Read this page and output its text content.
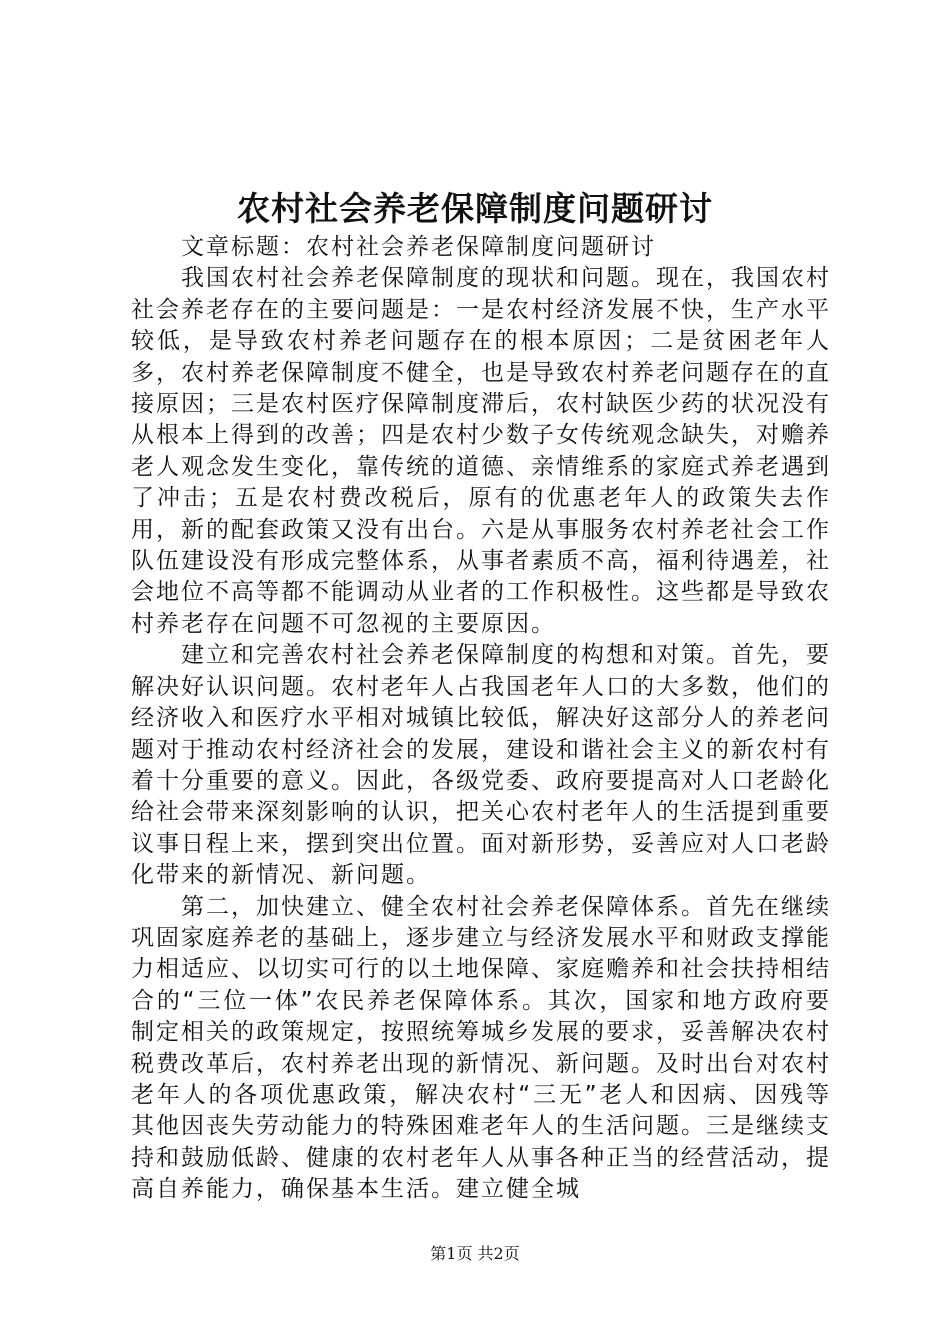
农村社会养老保障制度问题研讨

文章标题：农村社会养老保障制度问题研讨

我国农村社会养老保障制度的现状和问题。现在，我国农村社会养老存在的主要问题是：一是农村经济发展不快，生产水平较低，是导致农村养老问题存在的根本原因；二是贫困老年人多，农村养老保障制度不健全，也是导致农村养老问题存在的直接原因；三是农村医疗保障制度滞后，农村缺医少药的状况没有从根本上得到的改善；四是农村少数子女传统观念缺失，对赡养老人观念发生变化，靠传统的道德、亲情维系的家庭式养老遇到了冲击；五是农村费改税后，原有的优惠老年人的政策失去作用，新的配套政策又没有出台。六是从事服务农村养老社会工作队伍建设没有形成完整体系，从事者素质不高，福利待遇差，社会地位不高等都不能调动从业者的工作积极性。这些都是导致农村养老存在问题不可忽视的主要原因。

建立和完善农村社会养老保障制度的构想和对策。首先，要解决好认识问题。农村老年人占我国老年人口的大多数，他们的经济收入和医疗水平相对城镇比较低，解决好这部分人的养老问题对于推动农村经济社会的发展，建设和谐社会主义的新农村有着十分重要的意义。因此，各级党委、政府要提高对人口老龄化给社会带来深刻影响的认识，把关心农村老年人的生活提到重要议事日程上来，摆到突出位置。面对新形势，妥善应对人口老龄化带来的新情况、新问题。

第二，加快建立、健全农村社会养老保障体系。首先在继续巩固家庭养老的基础上，逐步建立与经济发展水平和财政支撑能力相适应、以切实可行的以土地保障、家庭赡养和社会扶持相结合的“三位一体”农民养老保障体系。其次，国家和地方政府要制定相关的政策规定，按照统筹城乡发展的要求，妥善解决农村税费改革后，农村养老出现的新情况、新问题。及时出台对农村老年人的各项优惠政策，解决农村“三无”老人和因病、因残等其他因丧失劳动能力的特殊困难老年人的生活问题。三是继续支持和鼓励低龄、健康的农村老年人从事各种正当的经营活动，提高自养能力，确保基本生活。建立健全城

第1页 共2页
